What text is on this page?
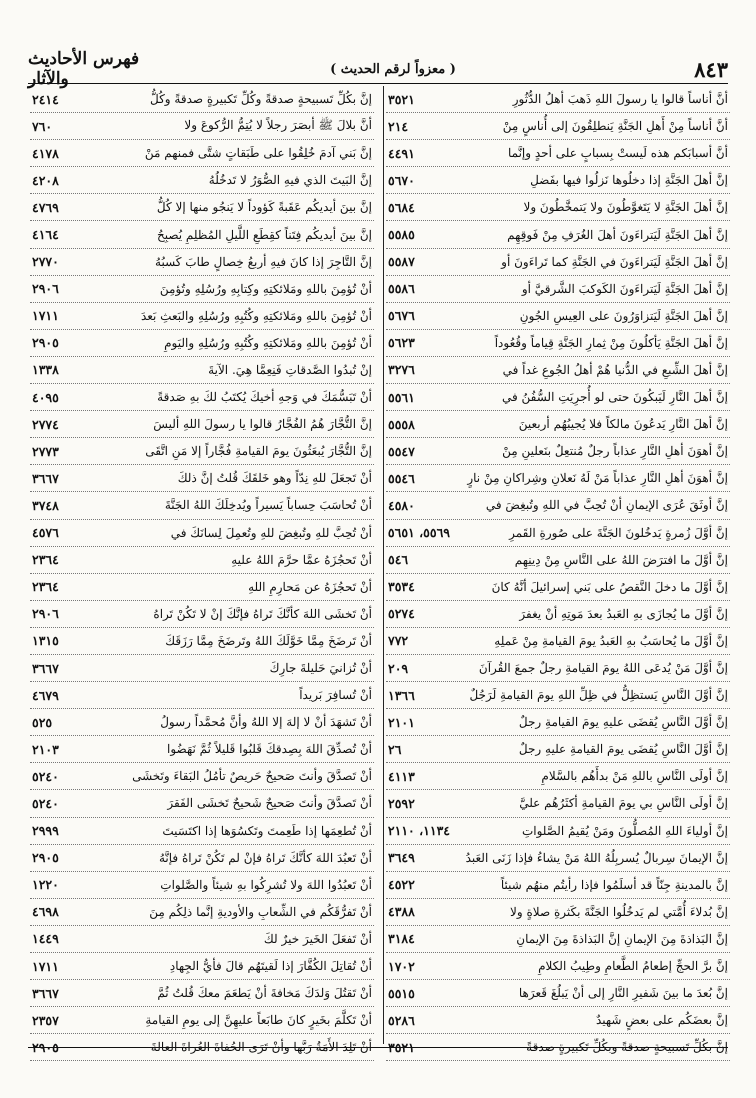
٨٤٣
( معزواً لرقم الحديث )
فهرس الأحاديث والآثار
أنَّ أناساً قالوا يا رسولَ اللهِ ذَهبَ أهلُ الدُّثُورِ
٣٥٢١
أنَّ أناساً مِنْ أَهلِ الجَنَّةِ يَنطلِقُونَ إلى أُناسٍ مِنْ
٢١٤
أنَّ أسبابَكم هذه لَيستْ بِسبابٍ على أحدٍ وإنَّما
٤٤٩١
إنَّ أهلَ الجَنَّةِ إذا دخلُوها نَزلُوا فيها بفَضلِ
٥٦٧٠
إنَّ أهلَ الجَنَّةِ لا يَتَغوَّطُونَ ولا يَتمخَّطُونَ ولا
٥٦٨٤
إنَّ أهلَ الجَنَّةِ لَيَتراءَونَ أهلَ الغُرَفِ مِنْ فَوقِهِم
٥٥٨٥
إنَّ أهلَ الجَنَّةِ لَيَتراءَونَ في الجَنَّةِ كما تَراءَونَ أو
٥٥٨٧
إنَّ أهلَ الجَنَّةِ لَيَتراءَونَ الكَوكبَ الشَّرقيَّ أو
٥٥٨٦
إنَّ أهلَ الجَنَّةِ لَيَتزاوَرُونَ على العِيسِ الجُونِ
٥٦٧٦
إنَّ أهلَ الجَنَّةِ يَأكلُونَ مِنْ ثِمارِ الجَنَّةِ قِياماً وقُعُوداً
٥٦٢٣
إنَّ أهلَ الشِّبعِ في الدُّنيا هُمْ أهلُ الجُوعِ غداً في
٣٢٧٦
إنَّ أهلَ النَّارِ لَيَبكُونَ حتى لو أُجرِيَتِ السُّفُنُ في
٥٥٦١
إنَّ أهلَ النَّارِ يَدعُونَ مالكاً فلا يُجيبُهُم أربعينَ
٥٥٥٨
إنَّ أهوَنَ أهلِ النَّارِ عذاباً رجلٌ مُنتعِلٌ بنَعلينِ مِنْ
٥٥٤٧
إنَّ أهوَنَ أهلِ النَّارِ عذاباً مَنْ لَهُ نَعلانِ وشِراكانِ مِنْ نارٍ
٥٥٤٦
إنَّ أوثَقَ عُرَى الإيمانِ أنْ تُحِبَّ في اللهِ وتُبغِضَ في
٤٥٨٠
إنَّ أوَّلَ زُمرةٍ يَدخُلونَ الجَنَّةَ على صُورةِ القَمرِ
٥٥٦٩، ٥٦٥١
إنَّ أوَّلَ ما افترَضَ اللهُ على النَّاسِ مِنْ دِينِهِم
٥٤٦
إنَّ أوَّلَ ما دخلَ النَّقصُ على بَني إسرائيلَ أنَّهُ كانَ
٣٥٣٤
إنَّ أوَّلَ ما يُجازَى بهِ العَبدُ بعدَ مَوتِهِ أنْ يغفرَ
٥٢٧٤
إنَّ أوَّلَ ما يُحاسَبُ بهِ العَبدُ يومَ القيامةِ مِنْ عَملِهِ
٧٧٢
إنَّ أوَّلَ مَنْ يُدعَى اللهُ يومَ القيامةِ رجلٌ جمعَ القُرآنَ
٢٠٩
إنَّ أوَّلَ النَّاسِ يَستظِلُّ في ظِلِّ اللهِ يومَ القيامةِ لَرَجُلٌ
١٣٦٦
إنَّ أوَّلَ النَّاسِ يُقضَى عليهِ يومَ القيامةِ رجلٌ
٢١٠١
إنَّ أوَّلَ النَّاسِ يُقضَى يومَ القيامةِ عليهِ رجلٌ
٢٦
إنَّ أولَى النَّاسِ باللهِ مَنْ بدأَهُم بالسَّلامِ
٤١١٣
إنَّ أولَى النَّاسِ بي يومَ القيامةِ أكثَرُهُم عليَّ
٢٥٩٢
إنَّ أولياءَ اللهِ المُصلُّونَ ومَنْ يُقيمُ الصَّلواتِ
١١٣٤، ٢١١٠
إنَّ الإيمانَ سِربالٌ يُسربِلُهُ اللهُ مَنْ يشاءُ فإذا زَنَى العَبدُ
٣٦٤٩
إنَّ بالمدينةِ جِنّاً قد أسلَمُوا فإذا رأيتُم منهُم شيئاً
٤٥٢٢
إنَّ بُدلاءَ أُمَّتي لم يَدخُلُوا الجَنَّةَ بكَثرةِ صلاةٍ ولا
٤٣٨٨
إنَّ البَذاذةَ مِنَ الإيمانِ إنَّ البَذاذةَ مِنَ الإيمانِ
٣١٨٤
إنَّ برَّ الحجِّ إطعامُ الطَّعامِ وطِيبُ الكلامِ
١٧٠٢
إنَّ بُعدَ ما بينَ شَفيرِ النَّارِ إلى أنْ يَبلُغَ قَعرَها
٥٥١٥
إنَّ بعضَكُم على بعضٍ شَهيدٌ
٥٢٨٦
إنَّ بكُلِّ تَسبيحةٍ صدقةً وبكُلِّ تَكبيرةٍ صدقةً
٣٥٢١
إنَّ بكُلِّ تَسبيحةٍ صدقةً وكُلِّ تَكبيرةٍ صدقةً وكُلُّ
٢٤١٤
أنَّ بلالَ ﷺ أبصَرَ رجلاً لا يُتِمُّ الرُّكوعَ ولا
٧٦٠
إنَّ بَني آدمَ خُلِقُوا على طَبَقاتٍ شتَّى فمنهم مَنْ
٤١٧٨
إنَّ البَيتَ الذي فيهِ الصُّوَرُ لا تَدخُلُهُ
٤٢٠٨
إنَّ بينَ أيديكُم عَقَبةً كَؤوداً لا يَنجُو منها إلا كُلُّ
٤٧٦٩
إنَّ بينَ أيديكُم فِتَناً كقِطَعِ اللَّيلِ المُظلِمِ يُصبِحُ
٤١٦٤
إنَّ التَّاجِرَ إذا كانَ فيهِ أربعُ خِصالٍ طابَ كَسبُهُ
٢٧٧٠
أنْ تُؤمِنَ باللهِ ومَلائكتِهِ وكِتابِهِ ورُسُلِهِ وتُؤمِنَ
٢٩٠٦
أنْ تُؤمِنَ باللهِ ومَلائكتِهِ وكُتُبِهِ ورُسُلِهِ والبَعثِ بَعدَ
١٧١١
أنْ تُؤمِنَ باللهِ ومَلائكتِهِ وكُتُبِهِ ورُسُلِهِ واليَومِ
٢٩٠٥
إنْ تُبدُوا الصَّدقاتِ فَنِعِمَّا هِيَ. الآيةَ
١٣٣٨
أنْ تَبَسُّمَكَ في وَجهِ أخيكَ يُكتَبُ لكَ بهِ صَدقةً
٤٠٩٥
إنَّ التُّجَّارَ هُمُ الفُجَّارُ قالوا يا رسولَ اللهِ أليسَ
٢٧٧٤
إنَّ التُّجَّارَ يُبعَثُونَ يومَ القيامةِ فُجَّاراً إلا مَنِ اتَّقَى
٢٧٧٣
أنْ تَجعَلَ للهِ نِدّاً وهو خَلقَكَ قُلتُ إنَّ ذلكَ
٣٦٦٧
أنْ تُحاسَبَ حِساباً يَسيراً ويُدخِلَكَ اللهُ الجَنَّةَ
٣٧٤٨
أنْ تُحِبَّ للهِ وتُبغِضَ للهِ وتُعمِلَ لِسانَكَ في
٤٥٧٦
أنْ تَحجُزَهُ عمَّا حرَّمَ اللهُ عليهِ
٢٣٦٤
أنْ تَحجُزَهُ عن مَحارِمِ اللهِ
٢٣٦٤
أنْ تَخشَى اللهَ كأنَّكَ تَراهُ فإنَّكَ إنْ لا تَكُنْ تَراهُ
٢٩٠٦
أنْ تَرضَخَ مِمَّا خَوَّلَكَ اللهُ وتَرضَخَ مِمَّا رَزَقَكَ
١٣١٥
أنْ تُزانيَ حَليلةَ جارِكَ
٣٦٦٧
أنْ تُسافِرَ بَريداً
٤٦٧٩
أنْ تَشهَدَ أنْ لا إلهَ إلا اللهُ وأنَّ مُحمَّداً رسولُ
٥٢٥
أنْ تُصدِّقَ اللهَ بِصِدقكَ قَلبُوا قَليلاً ثُمَّ نَهَضُوا
٢١٠٣
أنْ تَصدَّقَ وأنتَ صَحيحٌ حَريصٌ تأمُلُ البَقاءَ وتَخشَى
٥٢٤٠
أنْ تَصدَّقَ وأنتَ صَحيحٌ شَحيحٌ تَخشَى الفَقرَ
٥٢٤٠
أنْ تُطعِمَها إذا طَعِمتَ وتَكسُوَها إذا اكتَسَيتَ
٢٩٩٩
أنْ تَعبُدَ اللهَ كأنَّكَ تَراهُ فإنْ لم تَكُنْ تَراهُ فإنَّهُ
٢٩٠٥
أنْ تَعبُدُوا اللهَ ولا تُشرِكُوا بهِ شيئاً والصَّلواتِ
١٢٢٠
أنْ تَفرُّقَكُم في الشِّعابِ والأوديةِ إنَّما ذلِكُم مِنَ
٤٦٩٨
أنْ تَفعَلَ الخَيرَ خيرٌ لكَ
١٤٤٩
أنْ تُقاتِلَ الكُفَّارَ إذا لَقيتَهُم قالَ فأيُّ الجِهادِ
١٧١١
أنْ تَقتُلَ وَلدَكَ مَخافةَ أنْ يَطعَمَ معكَ قُلتُ ثُمَّ
٣٦٦٧
أنْ تَكلَّمَ بخَيرٍ كانَ طابَعاً عليهِنَّ إلى يومِ القيامةِ
٢٣٥٧
أنْ تَلِدَ الأَمَةُ رَبَّها وأنْ تَرَى الحُفاةَ العُراةَ العالةَ
٢٩٠٥
